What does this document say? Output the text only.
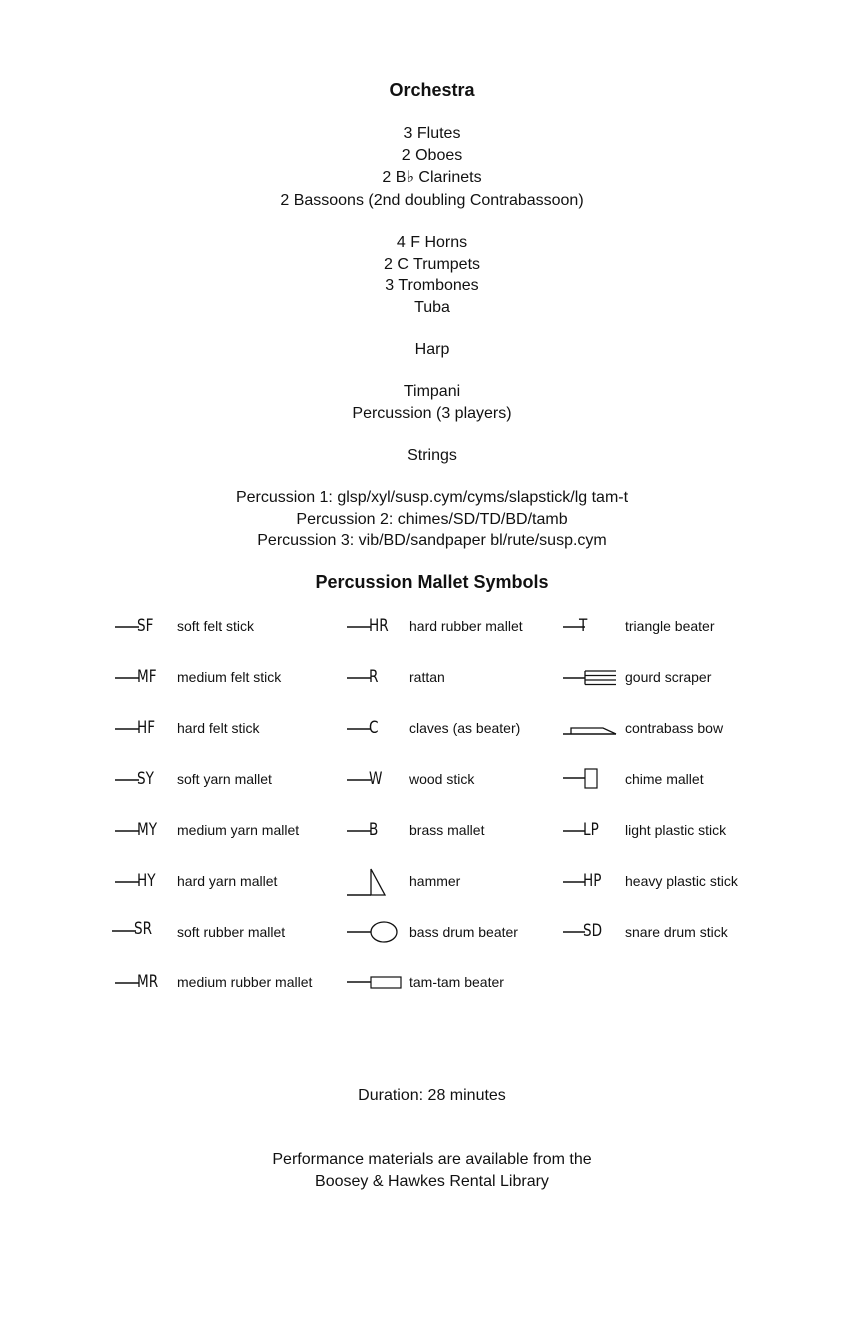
Orchestra
3 Flutes
2 Oboes
2 B♭ Clarinets
2 Bassoons (2nd doubling Contrabassoon)
4 F Horns
2 C Trumpets
3 Trombones
Tuba
Harp
Timpani
Percussion (3 players)
Strings
Percussion 1: glsp/xyl/susp.cym/cyms/slapstick/lg tam-t
Percussion 2: chimes/SD/TD/BD/tamb
Percussion 3: vib/BD/sandpaper bl/rute/susp.cym
Percussion Mallet Symbols
SF soft felt stick
MF medium felt stick
HF hard felt stick
SY soft yarn mallet
MY medium yarn mallet
HY hard yarn mallet
SR soft rubber mallet
MR medium rubber mallet
HR hard rubber mallet
R rattan
C claves (as beater)
W wood stick
B brass mallet
hammer
bass drum beater
tam-tam beater
T	triangle beater
gourd scraper
contrabass bow
chime mallet
LP light plastic stick
HP heavy plastic stick
SD snare drum stick
Duration: 28 minutes
Performance materials are available from the
Boosey & Hawkes Rental Library
